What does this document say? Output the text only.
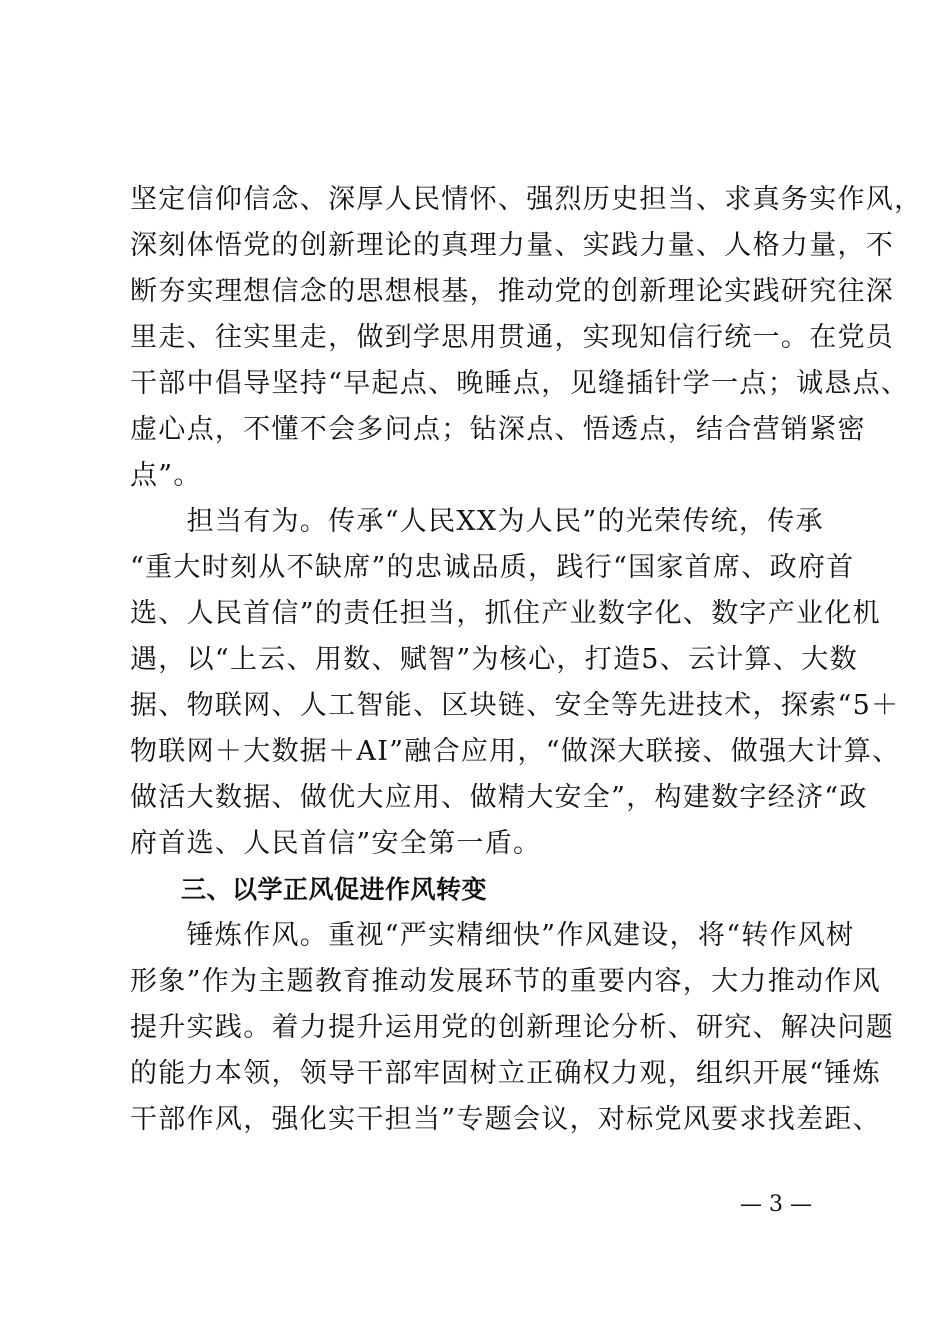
坚定信仰信念、深厚人民情怀、强烈历史担当、求真务实作风，
深刻体悟党的创新理论的真理力量、实践力量、人格力量，不
断夯实理想信念的思想根基，推动党的创新理论实践研究往深
里走、往实里走，做到学思用贯通，实现知信行统一。在党员
干部中倡导坚持“早起点、晚睡点，见缝插针学一点；诚恳点、
虚心点，不懂不会多问点；钻深点、悟透点，结合营销紧密
点”。
　　担当有为。传承“人民XX为人民”的光荣传统，传承
“重大时刻从不缺席”的忠诚品质，践行“国家首席、政府首
选、人民首信”的责任担当，抓住产业数字化、数字产业化机
遇，以“上云、用数、赋智”为核心，打造5、云计算、大数
据、物联网、人工智能、区块链、安全等先进技术，探索“5＋
物联网＋大数据＋AI”融合应用，“做深大联接、做强大计算、
做活大数据、做优大应用、做精大安全”，构建数字经济“政
府首选、人民首信”安全第一盾。
　　三、以学正风促进作风转变
　　锤炼作风。重视“严实精细快”作风建设，将“转作风树
形象”作为主题教育推动发展环节的重要内容，大力推动作风
提升实践。着力提升运用党的创新理论分析、研究、解决问题
的能力本领，领导干部牢固树立正确权力观，组织开展“锤炼
干部作风，强化实干担当”专题会议，对标党风要求找差距、
— 3 —
